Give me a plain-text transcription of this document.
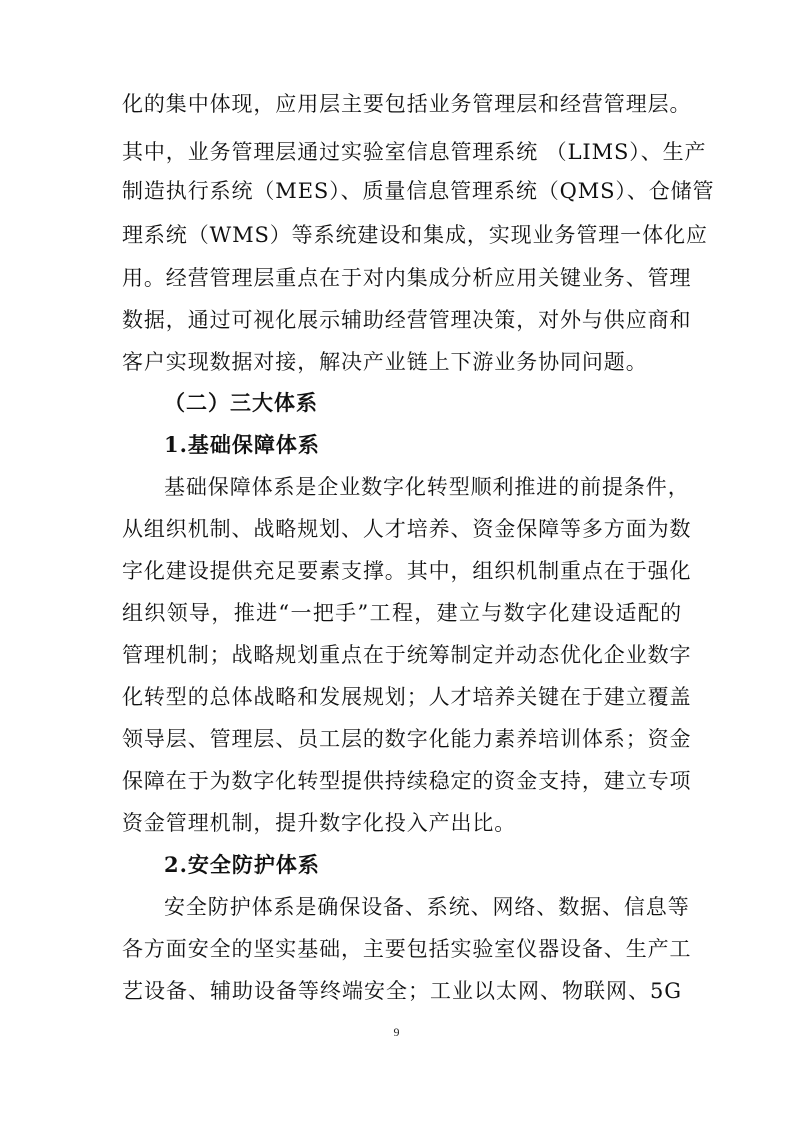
化的集中体现，应用层主要包括业务管理层和经营管理层。
其中，业务管理层通过实验室信息管理系统 （LIMS）、生产
制造执行系统（MES）、质量信息管理系统（QMS）、仓储管
理系统（WMS）等系统建设和集成，实现业务管理一体化应
用。经营管理层重点在于对内集成分析应用关键业务、管理
数据，通过可视化展示辅助经营管理决策，对外与供应商和
客户实现数据对接，解决产业链上下游业务协同问题。
（二）三大体系
1.基础保障体系
基础保障体系是企业数字化转型顺利推进的前提条件，
从组织机制、战略规划、人才培养、资金保障等多方面为数
字化建设提供充足要素支撑。其中，组织机制重点在于强化
组织领导，推进“一把手”工程，建立与数字化建设适配的
管理机制；战略规划重点在于统筹制定并动态优化企业数字
化转型的总体战略和发展规划；人才培养关键在于建立覆盖
领导层、管理层、员工层的数字化能力素养培训体系；资金
保障在于为数字化转型提供持续稳定的资金支持，建立专项
资金管理机制，提升数字化投入产出比。
2.安全防护体系
安全防护体系是确保设备、系统、网络、数据、信息等
各方面安全的坚实基础，主要包括实验室仪器设备、生产工
艺设备、辅助设备等终端安全；工业以太网、物联网、5G
9
